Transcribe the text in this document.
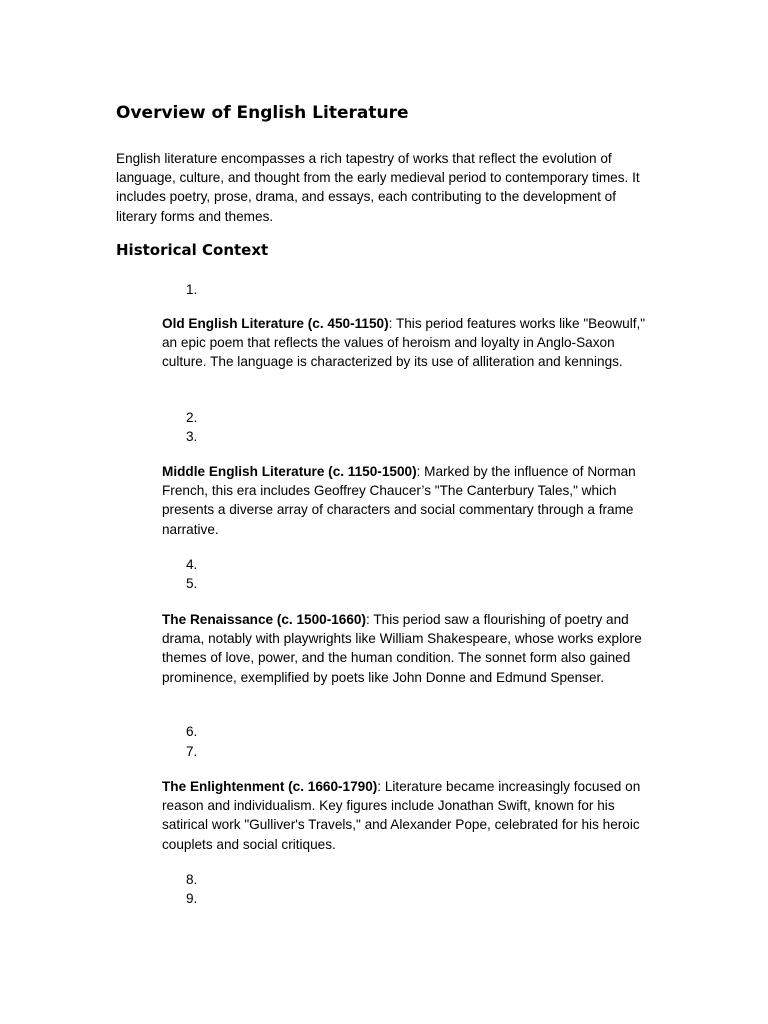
Overview of English Literature

English literature encompasses a rich tapestry of works that reflect the evolution of language, culture, and thought from the early medieval period to contemporary times. It includes poetry, prose, drama, and essays, each contributing to the development of literary forms and themes.

Historical Context
1.

Old English Literature (c. 450-1150): This period features works like "Beowulf," an epic poem that reflects the values of heroism and loyalty in Anglo-Saxon culture. The language is characterized by its use of alliteration and kennings.

2.
3.

Middle English Literature (c. 1150-1500): Marked by the influence of Norman French, this era includes Geoffrey Chaucer’s "The Canterbury Tales," which presents a diverse array of characters and social commentary through a frame narrative.

4.
5.

The Renaissance (c. 1500-1660): This period saw a flourishing of poetry and drama, notably with playwrights like William Shakespeare, whose works explore themes of love, power, and the human condition. The sonnet form also gained prominence, exemplified by poets like John Donne and Edmund Spenser.

6.
7.

The Enlightenment (c. 1660-1790): Literature became increasingly focused on reason and individualism. Key figures include Jonathan Swift, known for his satirical work "Gulliver's Travels," and Alexander Pope, celebrated for his heroic couplets and social critiques.

8.
9.
